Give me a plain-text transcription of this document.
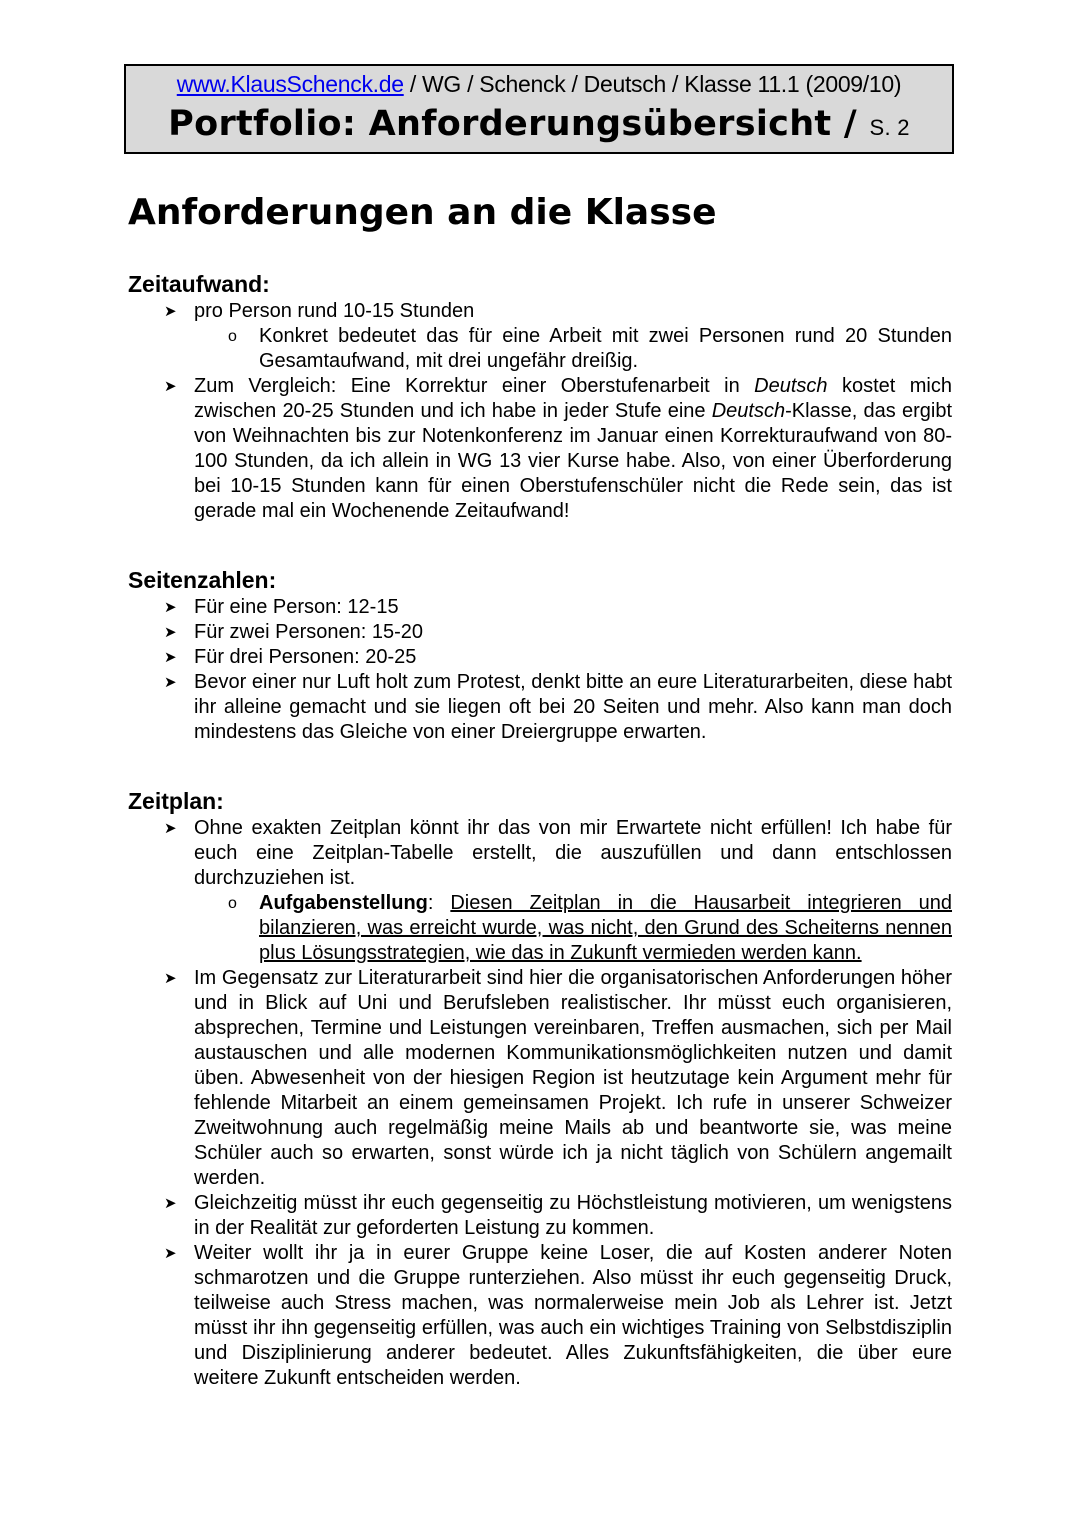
www.KlausSchenck.de / WG / Schenck / Deutsch / Klasse 11.1 (2009/10)
Portfolio: Anforderungsübersicht / S. 2
Anforderungen an die Klasse
Zeitaufwand:
➤ pro Person rund 10-15 Stunden
o Konkret bedeutet das für eine Arbeit mit zwei Personen rund 20 Stunden Gesamtaufwand, mit drei ungefähr dreißig.
➤ Zum Vergleich: Eine Korrektur einer Oberstufenarbeit in Deutsch kostet mich zwischen 20-25 Stunden und ich habe in jeder Stufe eine Deutsch-Klasse, das ergibt von Weihnachten bis zur Notenkonferenz im Januar einen Korrekturaufwand von 80-100 Stunden, da ich allein in WG 13 vier Kurse habe. Also, von einer Überforderung bei 10-15 Stunden kann für einen Oberstufenschüler nicht die Rede sein, das ist gerade mal ein Wochenende Zeitaufwand!
Seitenzahlen:
➤ Für eine Person: 12-15
➤ Für zwei Personen: 15-20
➤ Für drei Personen: 20-25
➤ Bevor einer nur Luft holt zum Protest, denkt bitte an eure Literaturarbeiten, diese habt ihr alleine gemacht und sie liegen oft bei 20 Seiten und mehr. Also kann man doch mindestens das Gleiche von einer Dreiergruppe erwarten.
Zeitplan:
➤ Ohne exakten Zeitplan könnt ihr das von mir Erwartete nicht erfüllen! Ich habe für euch eine Zeitplan-Tabelle erstellt, die auszufüllen und dann entschlossen durchzuziehen ist.
o Aufgabenstellung: Diesen Zeitplan in die Hausarbeit integrieren und bilanzieren, was erreicht wurde, was nicht, den Grund des Scheiterns nennen plus Lösungsstrategien, wie das in Zukunft vermieden werden kann.
➤ Im Gegensatz zur Literaturarbeit sind hier die organisatorischen Anforderungen höher und in Blick auf Uni und Berufsleben realistischer. Ihr müsst euch organisieren, absprechen, Termine und Leistungen vereinbaren, Treffen ausmachen, sich per Mail austauschen und alle modernen Kommunikationsmöglichkeiten nutzen und damit üben. Abwesenheit von der hiesigen Region ist heutzutage kein Argument mehr für fehlende Mitarbeit an einem gemeinsamen Projekt. Ich rufe in unserer Schweizer Zweitwohnung auch regelmäßig meine Mails ab und beantworte sie, was meine Schüler auch so erwarten, sonst würde ich ja nicht täglich von Schülern angemailt werden.
➤ Gleichzeitig müsst ihr euch gegenseitig zu Höchstleistung motivieren, um wenigstens in der Realität zur geforderten Leistung zu kommen.
➤ Weiter wollt ihr ja in eurer Gruppe keine Loser, die auf Kosten anderer Noten schmarotzen und die Gruppe runterziehen. Also müsst ihr euch gegenseitig Druck, teilweise auch Stress machen, was normalerweise mein Job als Lehrer ist. Jetzt müsst ihr ihn gegenseitig erfüllen, was auch ein wichtiges Training von Selbstdisziplin und Disziplinierung anderer bedeutet. Alles Zukunftsfähigkeiten, die über eure weitere Zukunft entscheiden werden.
